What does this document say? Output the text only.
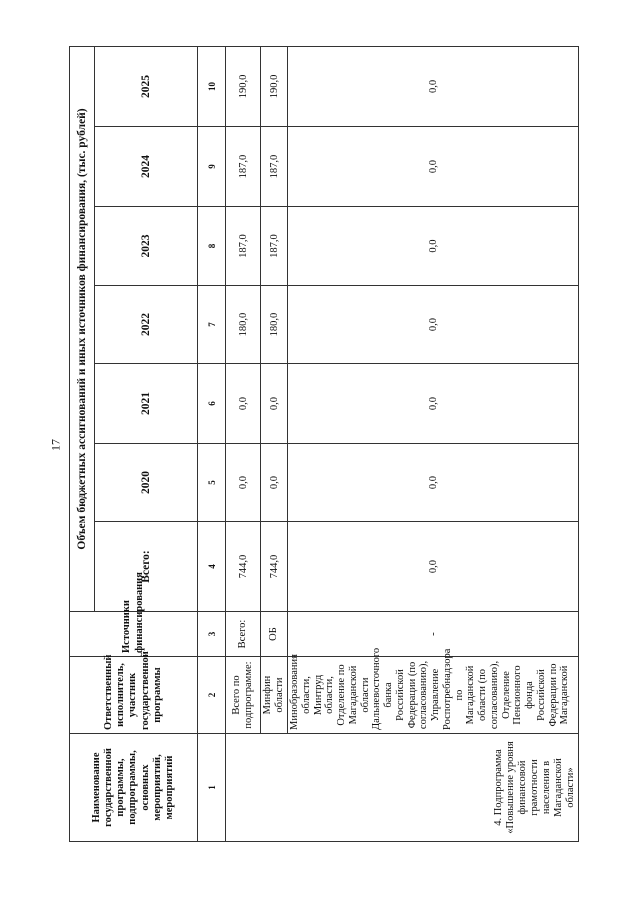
17
Наименование государственной программы, подпрограммы, основных мероприятий, мероприятий	Ответственный исполнитель, участник государственной программы	Источники финансирования	Объем бюджетных ассигнований и иных источников финансирования, (тыс. рублей)						
			Всего:	2020	2021	2022	2023	2024	2025
1	2	3	4	5	6	7	8	9	10
4. Подпрограмма «Повышение уровня финансовой грамотности населения в Магаданской области»	Всего по подпрограмме:	Всего:	744,0	0,0	0,0	180,0	187,0	187,0	190,0
	Минфин области	ОБ	744,0	0,0	0,0	180,0	187,0	187,0	190,0
	Минобразования области, Минтруд области, Отделение по Магаданской области Дальневосточного банка Российской Федерации (по согласованию), Управление Роспотребнадзора по Магаданской области (по согласованию), Отделение Пенсионного фонда Российской Федерации по Магаданской	-	0,0	0,0	0,0	0,0	0,0	0,0	0,0
